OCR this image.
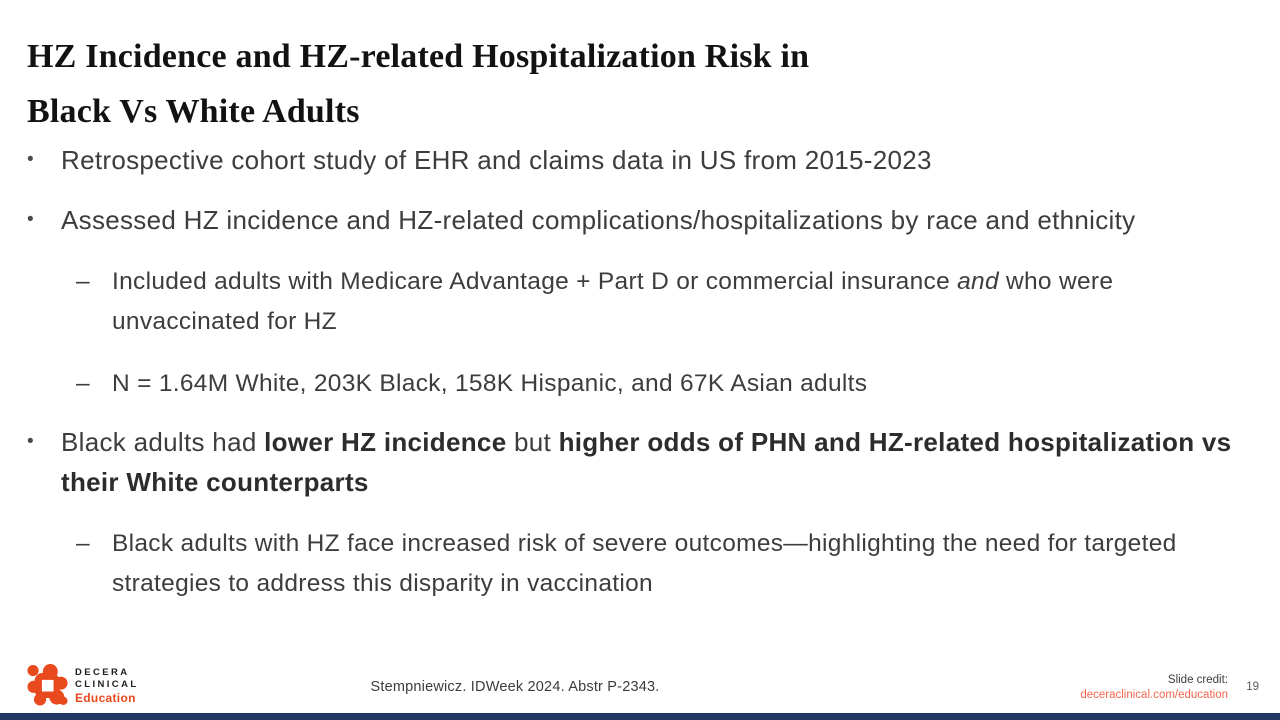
HZ Incidence and HZ-related Hospitalization Risk in
Black Vs White Adults
•	Retrospective cohort study of EHR and claims data in US from 2015-2023
•	Assessed HZ incidence and HZ-related complications/hospitalizations by race and ethnicity
– Included adults with Medicare Advantage + Part D or commercial insurance and who were unvaccinated for HZ
– N = 1.64M White, 203K Black, 158K Hispanic, and 67K Asian adults
•	Black adults had lower HZ incidence but higher odds of PHN and HZ-related hospitalization vs their White counterparts
– Black adults with HZ face increased risk of severe outcomes—highlighting the need for targeted strategies to address this disparity in vaccination
DECERA
CLINICAL
Education
Stempniewicz. IDWeek 2024. Abstr P-2343.	Slide credit:
deceraclinical.com/education
19
